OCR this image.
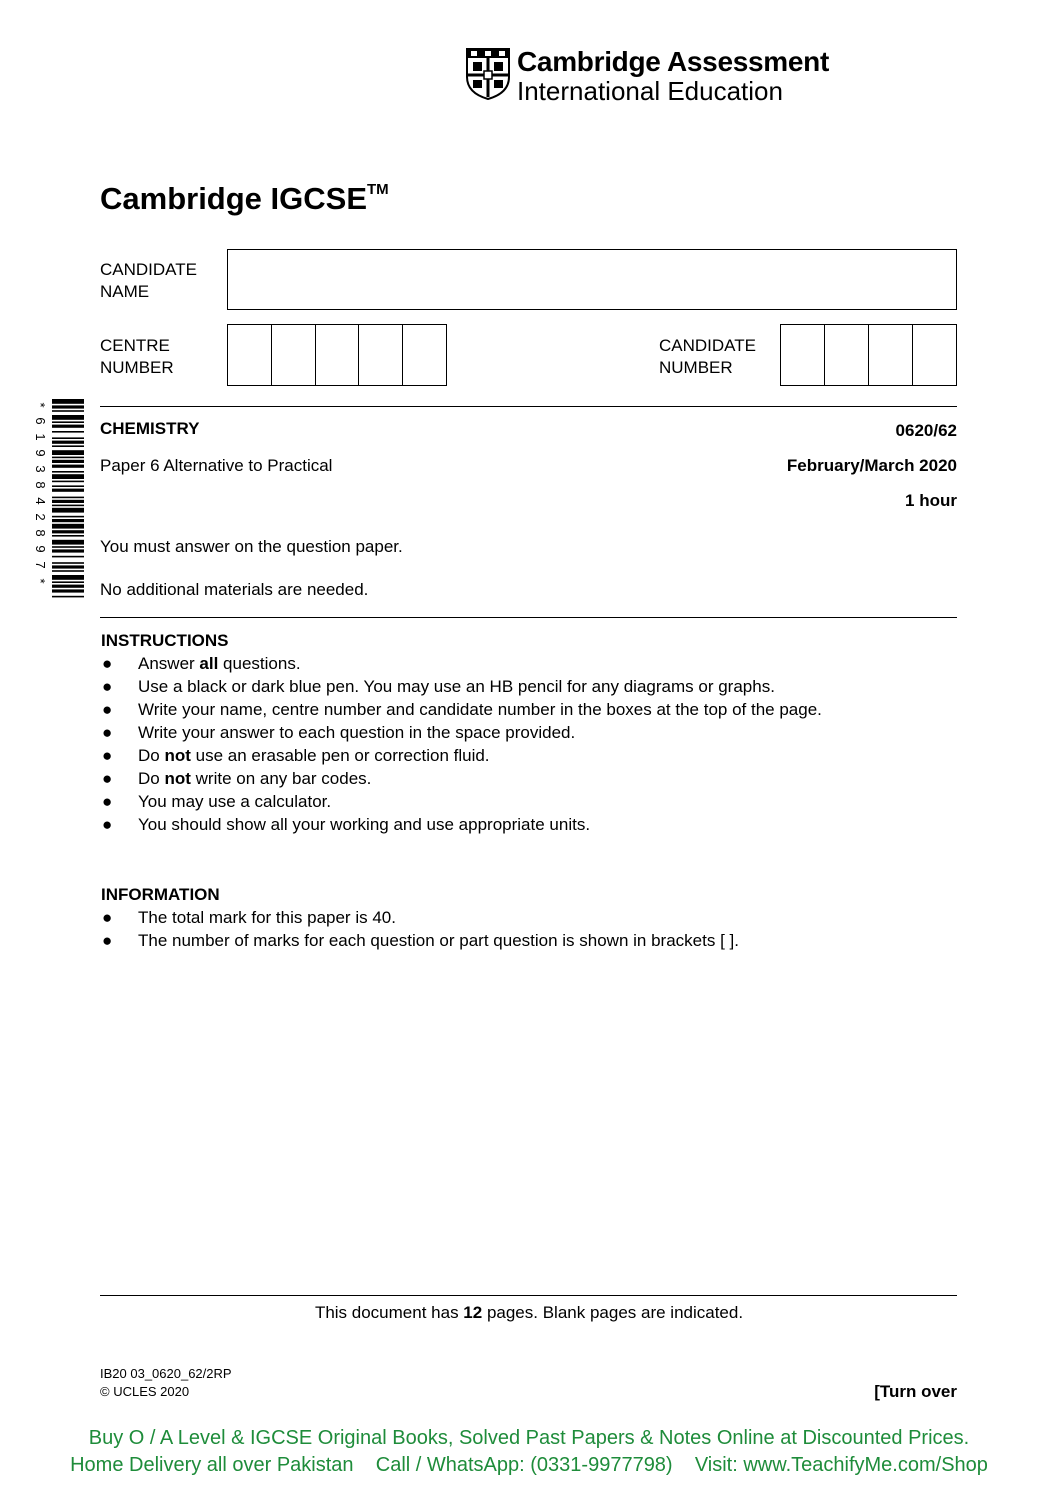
Cambridge Assessment
International Education
Cambridge IGCSE™
CANDIDATE
NAME
CENTRE
NUMBER
CANDIDATE
NUMBER
*
6
1
9
3
8
4
2
8
9
7
*
CHEMISTRY	0620/62
Paper 6 Alternative to Practical	February/March 2020
1 hour
You must answer on the question paper.
No additional materials are needed.
INSTRUCTIONS
● Answer all questions.
● Use a black or dark blue pen. You may use an HB pencil for any diagrams or graphs.
● Write your name, centre number and candidate number in the boxes at the top of the page.
● Write your answer to each question in the space provided.
● Do not use an erasable pen or correction fluid.
● Do not write on any bar codes.
● You may use a calculator.
● You should show all your working and use appropriate units.
INFORMATION
● The total mark for this paper is 40.
● The number of marks for each question or part question is shown in brackets [ ].
This document has 12 pages. Blank pages are indicated.
IB20 03_0620_62/2RP
© UCLES 2020	[Turn over
Buy O / A Level & IGCSE Original Books, Solved Past Papers & Notes Online at Discounted Prices.
Home Delivery all over Pakistan    Call / WhatsApp: (0331-9977798)    Visit: www.TeachifyMe.com/Shop
